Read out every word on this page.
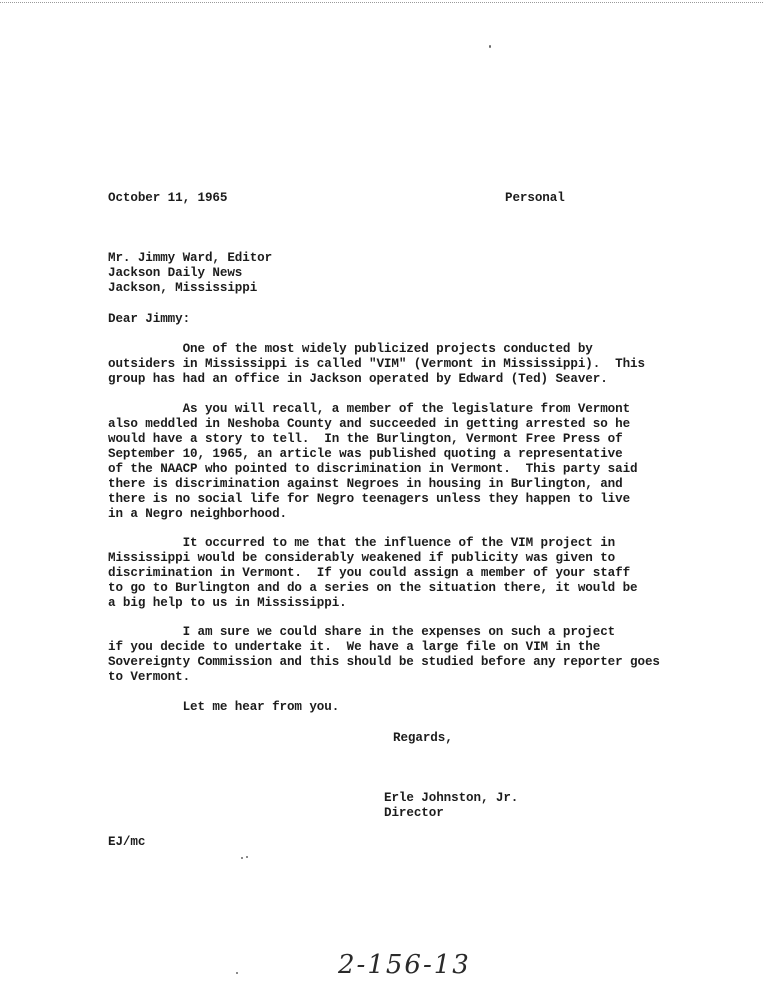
October 11, 1965	Personal
Mr. Jimmy Ward, Editor
Jackson Daily News
Jackson, Mississippi
Dear Jimmy:
One of the most widely publicized projects conducted by
outsiders in Mississippi is called "VIM" (Vermont in Mississippi).  This
group has had an office in Jackson operated by Edward (Ted) Seaver.
As you will recall, a member of the legislature from Vermont
also meddled in Neshoba County and succeeded in getting arrested so he
would have a story to tell.  In the Burlington, Vermont Free Press of
September 10, 1965, an article was published quoting a representative
of the NAACP who pointed to discrimination in Vermont.  This party said
there is discrimination against Negroes in housing in Burlington, and
there is no social life for Negro teenagers unless they happen to live
in a Negro neighborhood.
It occurred to me that the influence of the VIM project in
Mississippi would be considerably weakened if publicity was given to
discrimination in Vermont.  If you could assign a member of your staff
to go to Burlington and do a series on the situation there, it would be
a big help to us in Mississippi.
I am sure we could share in the expenses on such a project
if you decide to undertake it.  We have a large file on VIM in the
Sovereignty Commission and this should be studied before any reporter goes
to Vermont.
Let me hear from you.
Regards,
Erle Johnston, Jr.
Director
EJ/mc
2-156-13
